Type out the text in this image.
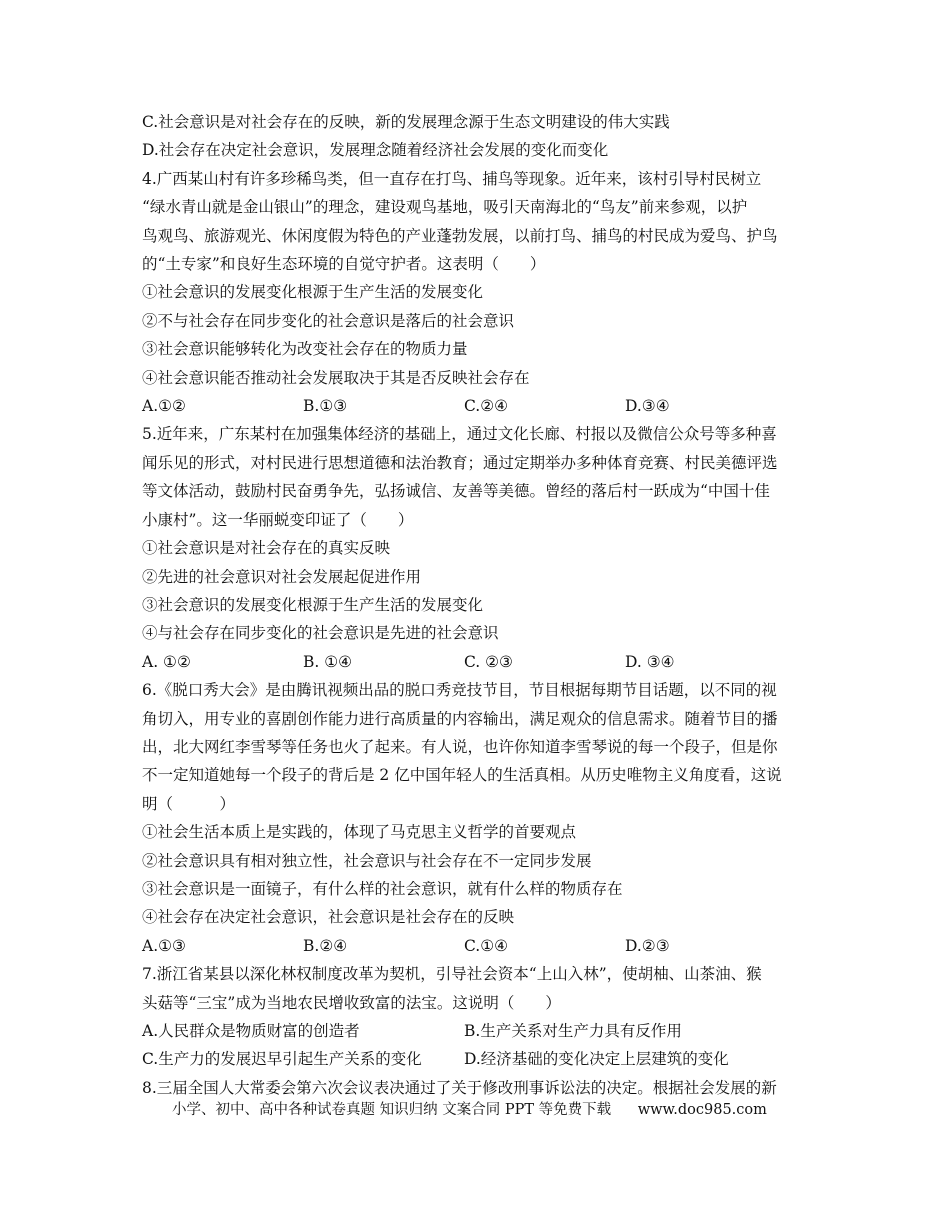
C.社会意识是对社会存在的反映，新的发展理念源于生态文明建设的伟大实践

D.社会存在决定社会意识，发展理念随着经济社会发展的变化而变化

4.广西某山村有许多珍稀鸟类，但一直存在打鸟、捕鸟等现象。近年来，该村引导村民树立

“绿水青山就是金山银山”的理念，建设观鸟基地，吸引天南海北的“鸟友”前来参观，以护

鸟观鸟、旅游观光、休闲度假为特色的产业蓬勃发展，以前打鸟、捕鸟的村民成为爱鸟、护鸟

的“土专家”和良好生态环境的自觉守护者。这表明（　　）

①社会意识的发展变化根源于生产生活的发展变化

②不与社会存在同步变化的社会意识是落后的社会意识

③社会意识能够转化为改变社会存在的物质力量

④社会意识能否推动社会发展取决于其是否反映社会存在

A.①②	B.①③	C.②④	D.③④

5.近年来，广东某村在加强集体经济的基础上，通过文化长廊、村报以及微信公众号等多种喜

闻乐见的形式，对村民进行思想道德和法治教育；通过定期举办多种体育竞赛、村民美德评选

等文体活动，鼓励村民奋勇争先，弘扬诚信、友善等美德。曾经的落后村一跃成为“中国十佳

小康村”。这一华丽蜕变印证了（　　）

①社会意识是对社会存在的真实反映

②先进的社会意识对社会发展起促进作用

③社会意识的发展变化根源于生产生活的发展变化

④与社会存在同步变化的社会意识是先进的社会意识

A. ①②	B. ①④	C. ②③	D. ③④

6.《脱口秀大会》是由腾讯视频出品的脱口秀竞技节目，节目根据每期节目话题，以不同的视

角切入，用专业的喜剧创作能力进行高质量的内容输出，满足观众的信息需求。随着节目的播

出，北大网红李雪琴等任务也火了起来。有人说，也许你知道李雪琴说的每一个段子，但是你

不一定知道她每一个段子的背后是 2 亿中国年轻人的生活真相。从历史唯物主义角度看，这说

明（　　　）

①社会生活本质上是实践的，体现了马克思主义哲学的首要观点

②社会意识具有相对独立性，社会意识与社会存在不一定同步发展

③社会意识是一面镜子，有什么样的社会意识，就有什么样的物质存在

④社会存在决定社会意识，社会意识是社会存在的反映

A.①③	B.②④	C.①④	D.②③

7.浙江省某县以深化林权制度改革为契机，引导社会资本“上山入林”，使胡柚、山茶油、猴

头菇等“三宝”成为当地农民增收致富的法宝。这说明（　　）

A.人民群众是物质财富的创造者	B.生产关系对生产力具有反作用
C.生产力的发展迟早引起生产关系的变化	D.经济基础的变化决定上层建筑的变化

8.三届全国人大常委会第六次会议表决通过了关于修改刑事诉讼法的决定。根据社会发展的新

小学、初中、高中各种试卷真题 知识归纳 文案合同 PPT 等免费下载 www.doc985.com
